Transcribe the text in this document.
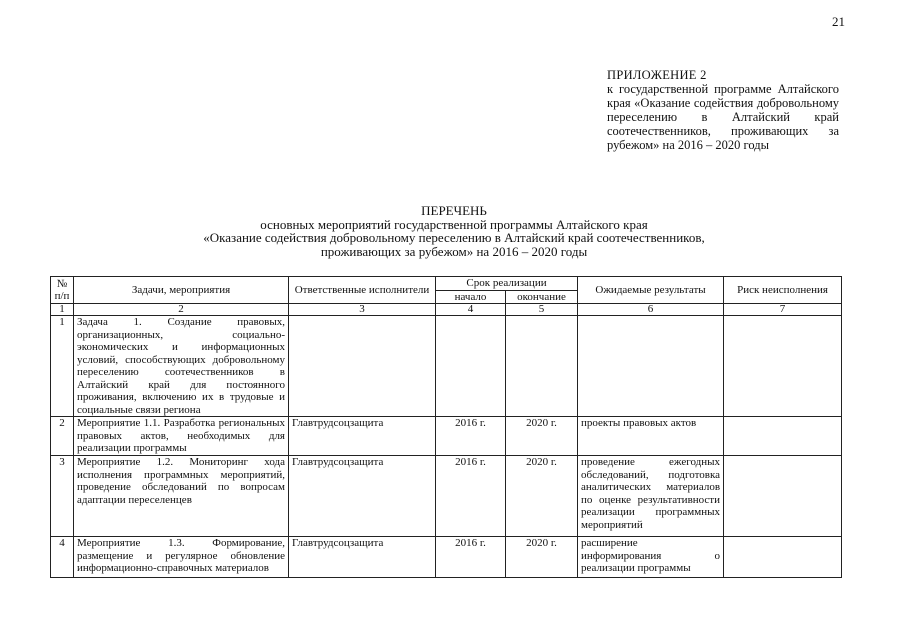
21
ПРИЛОЖЕНИЕ 2
к государственной программе Алтайского края «Оказание содействия добровольному переселению в Алтайский край соотечественников, проживающих за рубежом» на 2016 – 2020 годы
ПЕРЕЧЕНЬ
основных мероприятий государственной программы Алтайского края
«Оказание содействия добровольному переселению в Алтайский край соотечественников,
проживающих за рубежом» на 2016 – 2020 годы
№ п/п	Задачи, мероприятия	Ответственные исполнители	Срок реализации		Ожидаемые результаты	Риск неисполнения
			начало	окончание		
1	2	3	4	5	6	7
1	Задача 1. Создание правовых, организационных, социально-экономических и информационных условий, способствующих добровольному переселению соотечественников в Алтайский край для постоянного проживания, включению их в трудовые и социальные связи региона					
2	Мероприятие 1.1. Разработка региональных правовых актов, необходимых для реализации программы	Главтрудсоцзащита	2016 г.	2020 г.	проекты правовых актов	
3	Мероприятие 1.2. Мониторинг хода исполнения программных мероприятий, проведение обследований по вопросам адаптации переселенцев	Главтрудсоцзащита	2016 г.	2020 г.	проведение ежегодных обследований, подготовка аналитических материалов по оценке результативности реализации программных мероприятий	
4	Мероприятие 1.3. Формирование, размещение и регулярное обновление информационно-справочных материалов	Главтрудсоцзащита	2016 г.	2020 г.	расширение информирования о реализации программы	
